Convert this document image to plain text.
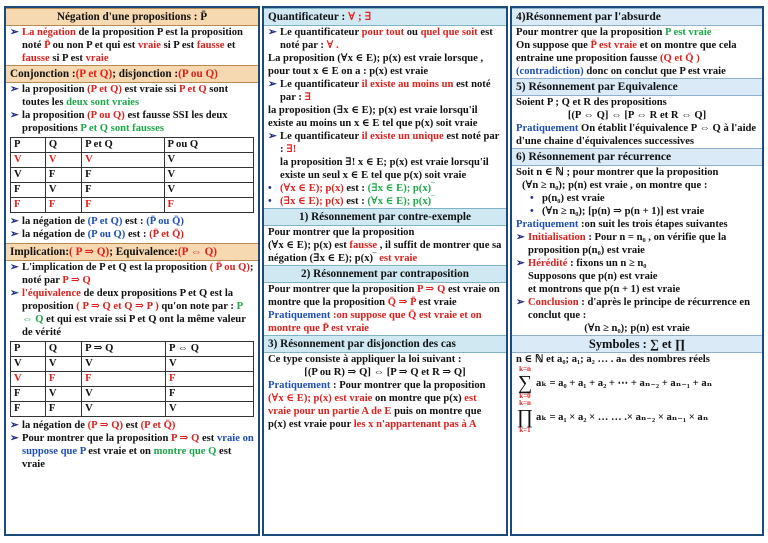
Négation d'une propositions : P̄
➢ La négation de la proposition P est la proposition noté P̄ ou non P et qui est vraie si P est fausse et fausse si P est vraie
Conjonction :(P et Q); disjonction :(P ou Q)
➢ la proposition (P et Q) est vraie ssi P et Q sont toutes les deux sont vraies
➢ la proposition (P ou Q) est fausse SSI les deux propositions P et Q sont fausses
P	Q	P et Q	P ou Q
V	V	V	V
V	F	F	V
F	V	F	V
F	F	F	F
➢ la négation de (P et Q) est : (P̄ ou Q̄)
➢ la négation de (P ou Q) est : (P̄ et Q̄)
Implication:( P ⇒ Q); Equivalence:(P ⇔ Q)
➢ L'implication de P et Q est la proposition ( P̄ ou Q); noté par P ⇒ Q
➢ l'équivalence de deux propositions P et Q est la proposition ( P ⇒ Q et Q ⇒ P ) qu'on note par : P ⇔ Q et qui est vraie ssi P et Q ont la même valeur de vérité
P	Q	P ⇒ Q	P ⇔ Q
V	V	V	V
V	F	F	F
F	V	V	F
F	F	V	V
➢ la négation de (P ⇒ Q) est (P et Q̄)
➢ Pour montrer que la proposition P ⇒ Q est vraie on suppose que P est vraie et on montre que Q est vraie
Quantificateur : ∀ ; ∃
➢ Le quantificateur pour tout ou quel que soit est noté par : ∀ .
La proposition (∀x ∈ E); p(x) est vraie lorsque , pour tout x ∈ E on a : p(x) est vraie
➢ Le quantificateur il existe au moins un est noté par : ∃
la proposition (∃x ∈ E); p(x) est vraie lorsqu'il existe au moins un x ∈ E tel que p(x) soit vraie
➢ Le quantificateur il existe un unique est noté par : ∃!
la proposition ∃! x ∈ E; p(x) est vraie lorsqu'il existe un seul x ∈ E tel que p(x) soit vraie
• (∀x ∈ E); p(x) est : (∃x ∈ E); p(x)‾
• (∃x ∈ E); p(x) est : (∀x ∈ E); p(x)‾
1) Résonnement par contre-exemple
Pour montrer que la proposition
(∀x ∈ E); p(x) est fausse , il suffit de montrer que sa négation (∃x ∈ E); p(x)‾ est vraie
2) Résonnement par contraposition
Pour montrer que la proposition P ⇒ Q est vraie on montre que la proposition Q̄ ⇒ P̄ est vraie
Pratiquement :on suppose que Q̄ est vraie et on montre que P̄ est vraie
3) Résonnement par disjonction des cas
Ce type consiste à appliquer la loi suivant :
[(P ou R) ⇒ Q] ⇔ [P ⇒ Q et R ⇒ Q]
Pratiquement : Pour montrer que la proposition (∀x ∈ E); p(x) est vraie on montre que p(x) est vraie pour un partie A de E puis on montre que p(x) est vraie pour les x n'appartenant pas à A
4)Résonnement par l'absurde
Pour montrer que la proposition P est vraie
On suppose que P̄ est vraie et on montre que cela entraine une proposition fausse (Q et Q̄ ) (contradiction) donc on conclut que P est vraie
5) Résonnement par Equivalence
Soient P ; Q et R des propositions
[(P ⇔ Q] ⇔ [P ⇔ R et R ⇔ Q]
Pratiquement On établit l'équivalence P ⇔ Q à l'aide d'une chaine d'équivalences successives
6) Résonnement par récurrence
Soit n ∈ ℕ ; pour montrer que la proposition
(∀n ≥ n₀); p(n) est vraie , on montre que :
• p(n₀) est vraie
• (∀n ≥ n₀); [p(n) ⇒ p(n + 1)] est vraie
Pratiquement :on suit les trois étapes suivantes
➢ Initialisation : Pour n = n₀ , on vérifie que la proposition p(n₀) est vraie
➢ Hérédité : fixons un n ≥ n₀
Supposons que p(n) est vraie
et montrons que p(n + 1) est vraie
➢ Conclusion : d'après le principe de récurrence en conclut que :
(∀n ≥ n₀); p(n) est vraie
Symboles : ∑ et ∏
n ∈ ℕ et a₀; a₁; a₂ … . aₙ des nombres réels
k=n
∑
k=0
aₖ = a₀ + a₁ + a₂ + ⋯ + aₙ₋₂ + aₙ₋₁ + aₙ
k=n
∏
k=1
aₖ = a₁ × a₂ × … … .× aₙ₋₂ × aₙ₋₁ × aₙ
